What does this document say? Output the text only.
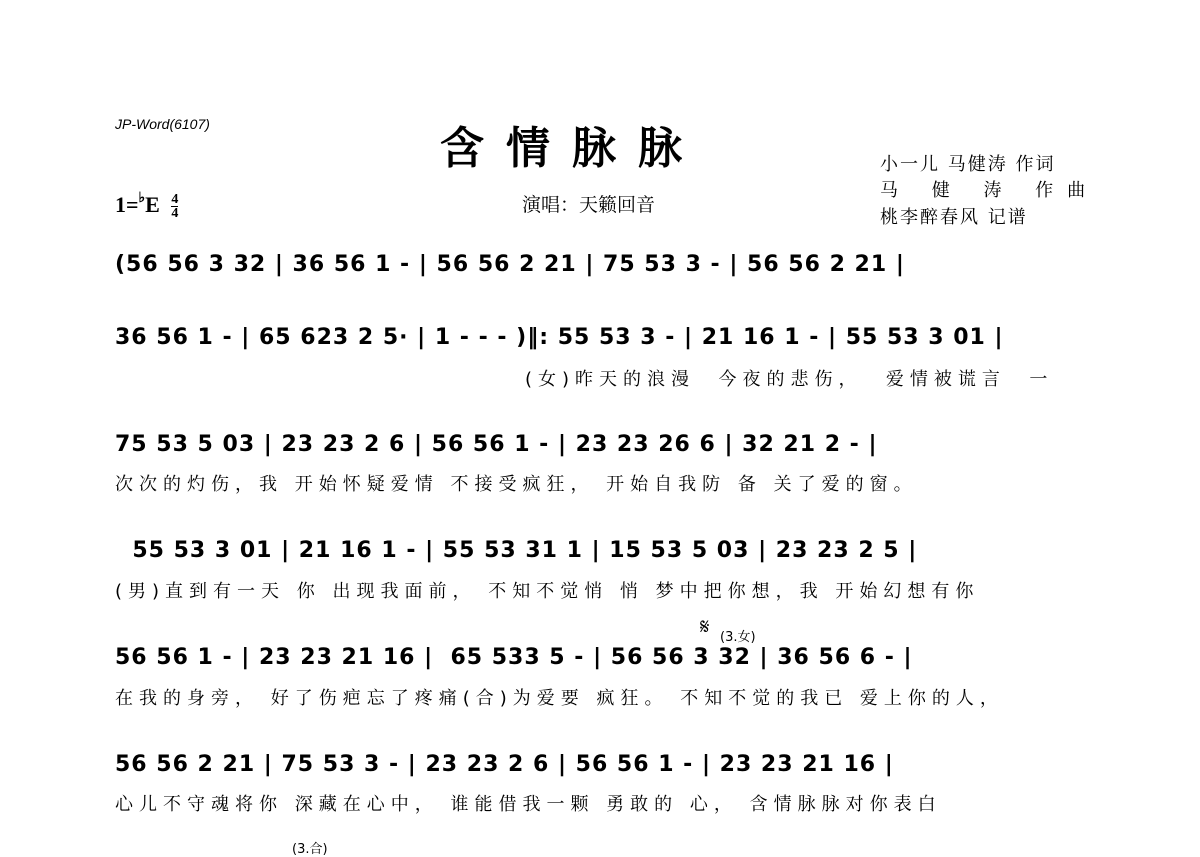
JP-Word(6107)	含情脉脉
$1=^♭E \frac{4}{4}$	演唱：天籁回音
小一儿 马健涛 作词
马 健 涛 作曲
桃李醉春风 记谱
(56 56 3 32 | 36 56 1 - | 56 56 2 21 | 75 53 3 - | 56 56 2 21 |
36 56 1 - | 65 623 2 5· | 1 - - - )‖: 55 53 3 - | 21 16 1 - | 55 53 3 01 |
(女)昨天的浪漫  今夜的悲伤，  爱情被谎言  一
75 53 5 03 | 23 23 2 6 | 56 56 1 - | 23 23 26 6 | 32 21 2 - |
次次的灼伤，我 开始怀疑爱情 不接受疯狂， 开始自我防 备 关了爱的窗。
55 53 3 01 | 21 16 1 - | 55 53 31 1 | 15 53 5 03 | 23 23 2 5 |
(男)直到有一天 你 出现我面前， 不知不觉悄 悄 梦中把你想，我 开始幻想有你
𝄋 (3.女)
56 56 1 - | 23 23 21 16 |  65 533 5 - | 56 56 3 32 | 36 56 6 - |
在我的身旁， 好了伤疤忘了疼痛(合)为爱要 疯狂。 不知不觉的我已 爱上你的人，
56 56 2 21 | 75 53 3 - | 23 23 2 6 | 56 56 1 - | 23 23 21 16 |
心儿不守魂将你 深藏在心中， 谁能借我一颗 勇敢的 心， 含情脉脉对你表白
(3.合)
